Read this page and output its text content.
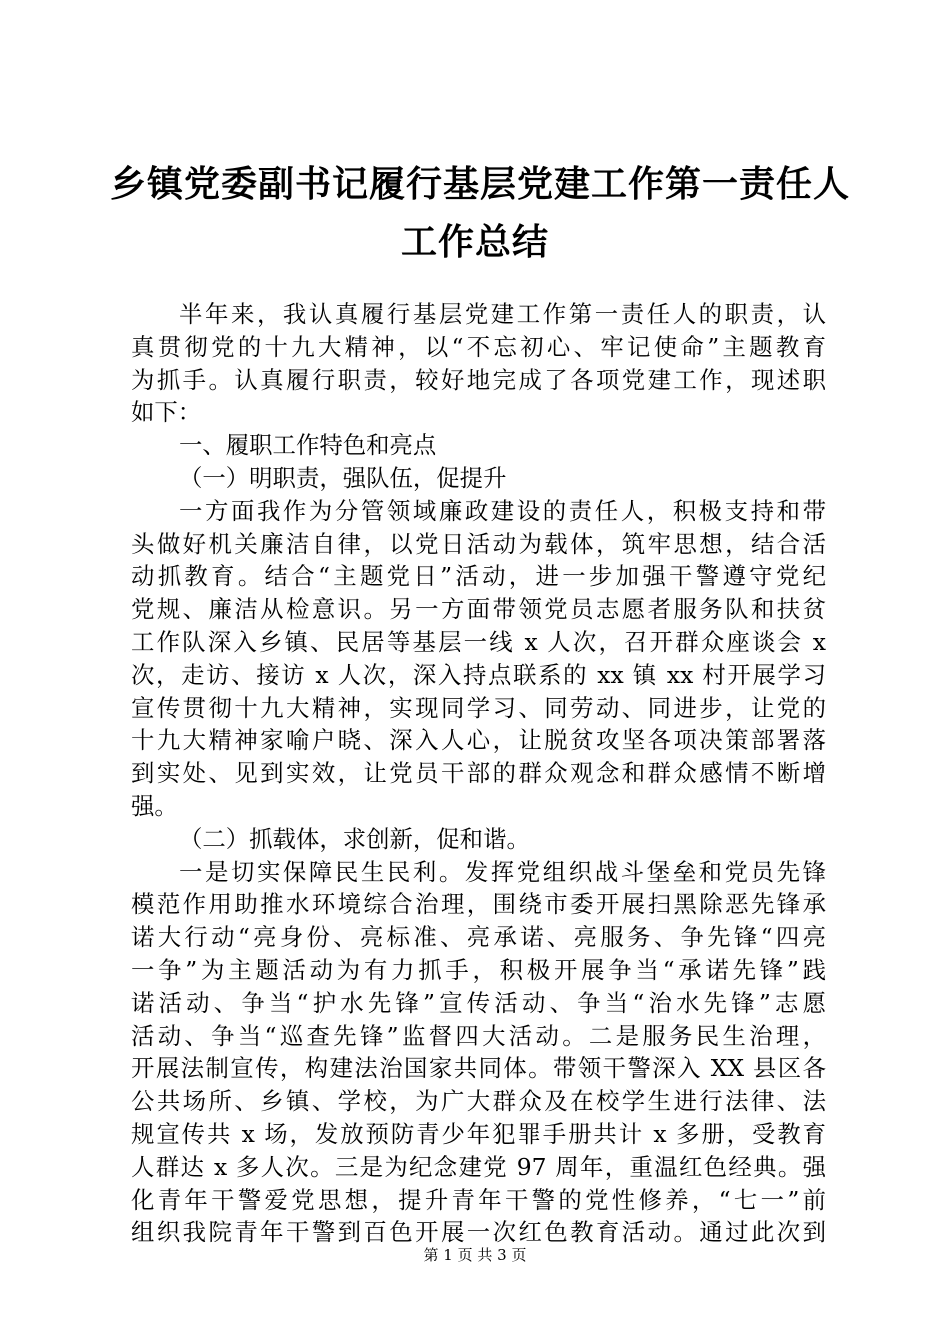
乡镇党委副书记履行基层党建工作第一责任人
工作总结
半年来，我认真履行基层党建工作第一责任人的职责，认
真贯彻党的十九大精神，以“不忘初心、牢记使命”主题教育
为抓手。认真履行职责，较好地完成了各项党建工作，现述职
如下：
一、履职工作特色和亮点
（一）明职责，强队伍，促提升
一方面我作为分管领域廉政建设的责任人，积极支持和带
头做好机关廉洁自律，以党日活动为载体，筑牢思想，结合活
动抓教育。结合“主题党日”活动，进一步加强干警遵守党纪
党规、廉洁从检意识。另一方面带领党员志愿者服务队和扶贫
工作队深入乡镇、民居等基层一线 x 人次，召开群众座谈会 x
次，走访、接访 x 人次，深入持点联系的 xx 镇 xx 村开展学习
宣传贯彻十九大精神，实现同学习、同劳动、同进步，让党的
十九大精神家喻户晓、深入人心，让脱贫攻坚各项决策部署落
到实处、见到实效，让党员干部的群众观念和群众感情不断增
强。
（二）抓载体，求创新，促和谐。
一是切实保障民生民利。发挥党组织战斗堡垒和党员先锋
模范作用助推水环境综合治理，围绕市委开展扫黑除恶先锋承
诺大行动“亮身份、亮标准、亮承诺、亮服务、争先锋“四亮
一争”为主题活动为有力抓手，积极开展争当“承诺先锋”践
诺活动、争当“护水先锋”宣传活动、争当“治水先锋”志愿
活动、争当“巡查先锋”监督四大活动。二是服务民生治理，
开展法制宣传，构建法治国家共同体。带领干警深入 XX 县区各
公共场所、乡镇、学校，为广大群众及在校学生进行法律、法
规宣传共 x 场，发放预防青少年犯罪手册共计 x 多册，受教育
人群达 x 多人次。三是为纪念建党 97 周年，重温红色经典。强
化青年干警爱党思想，提升青年干警的党性修养，“七一”前
组织我院青年干警到百色开展一次红色教育活动。通过此次到
第 1 页 共 3 页
